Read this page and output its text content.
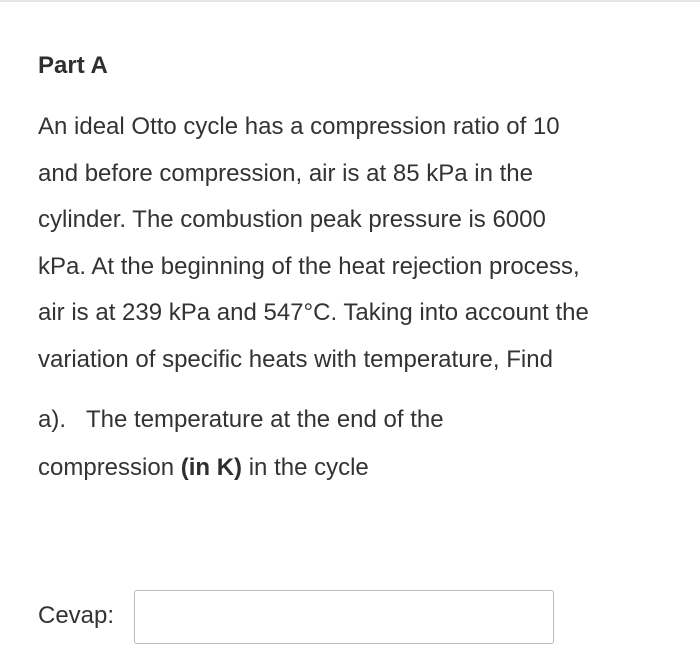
Part A

An ideal Otto cycle has a compression ratio of 10

and before compression, air is at 85 kPa in the

cylinder. The combustion peak pressure is 6000

kPa. At the beginning of the heat rejection process,

air is at 239 kPa and 547°C. Taking into account the

variation of specific heats with temperature, Find

a). The temperature at the end of the

compression (in K) in the cycle

Cevap:
